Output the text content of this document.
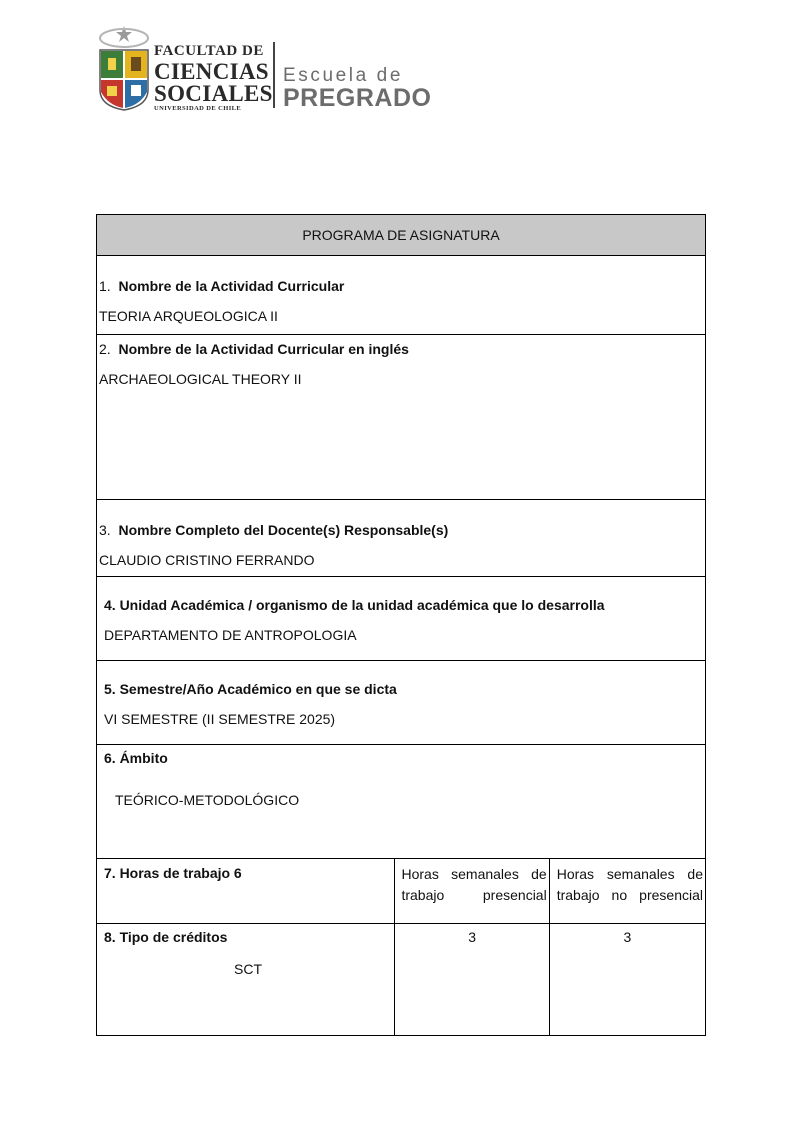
FACULTAD DE
CIENCIAS
SOCIALES
UNIVERSIDAD DE CHILE
Escuela de
PREGRADO
PROGRAMA DE ASIGNATURA		

1. Nombre de la Actividad Curricular
TEORIA ARQUEOLOGICA II		

2. Nombre de la Actividad Curricular en inglés
ARCHAEOLOGICAL THEORY II		

3. Nombre Completo del Docente(s) Responsable(s)
CLAUDIO CRISTINO FERRANDO		

4. Unidad Académica / organismo de la unidad académica que lo desarrolla
DEPARTAMENTO DE ANTROPOLOGIA		

5. Semestre/Año Académico en que se dicta
VI SEMESTRE (II SEMESTRE 2025)		

6. Ámbito
TEÓRICO-METODOLÓGICO		

7. Horas de trabajo 6	Horas semanales de trabajo presencial	Horas semanales de trabajo no presencial

8. Tipo de créditos
SCT	3	3
